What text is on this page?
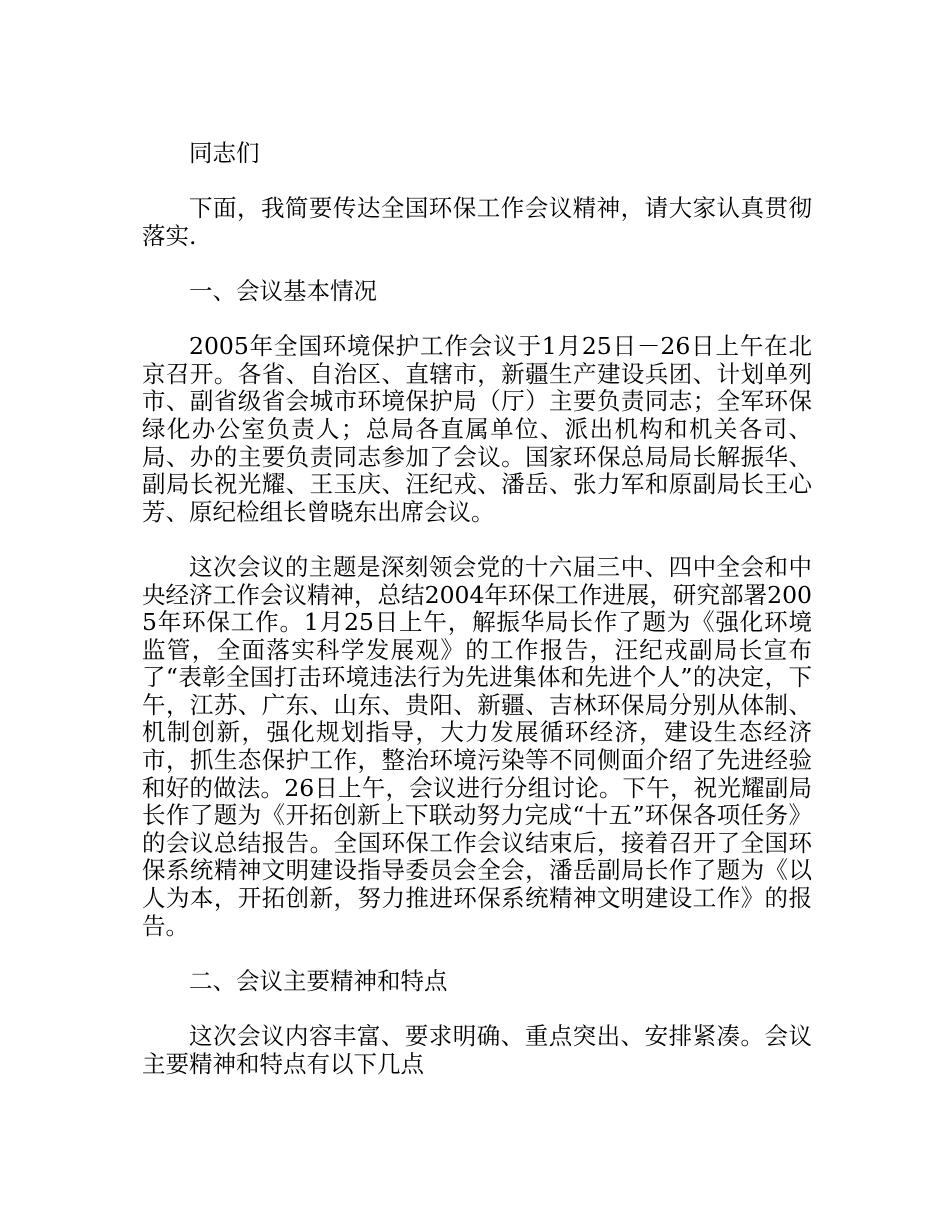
同志们

下面，我简要传达全国环保工作会议精神，请大家认真贯彻落实.

一、会议基本情况

2005年全国环境保护工作会议于1月25日－26日上午在北京召开。各省、自治区、直辖市，新疆生产建设兵团、计划单列市、副省级省会城市环境保护局（厅）主要负责同志；全军环保绿化办公室负责人；总局各直属单位、派出机构和机关各司、局、办的主要负责同志参加了会议。国家环保总局局长解振华、副局长祝光耀、王玉庆、汪纪戎、潘岳、张力军和原副局长王心芳、原纪检组长曾晓东出席会议。

这次会议的主题是深刻领会党的十六届三中、四中全会和中央经济工作会议精神，总结2004年环保工作进展，研究部署2005年环保工作。1月25日上午，解振华局长作了题为《强化环境监管，全面落实科学发展观》的工作报告，汪纪戎副局长宣布了“表彰全国打击环境违法行为先进集体和先进个人”的决定，下午，江苏、广东、山东、贵阳、新疆、吉林环保局分别从体制、机制创新，强化规划指导，大力发展循环经济，建设生态经济市，抓生态保护工作，整治环境污染等不同侧面介绍了先进经验和好的做法。26日上午，会议进行分组讨论。下午，祝光耀副局长作了题为《开拓创新上下联动努力完成“十五”环保各项任务》的会议总结报告。全国环保工作会议结束后，接着召开了全国环保系统精神文明建设指导委员会全会，潘岳副局长作了题为《以人为本，开拓创新，努力推进环保系统精神文明建设工作》的报告。

二、会议主要精神和特点

这次会议内容丰富、要求明确、重点突出、安排紧凑。会议主要精神和特点有以下几点
